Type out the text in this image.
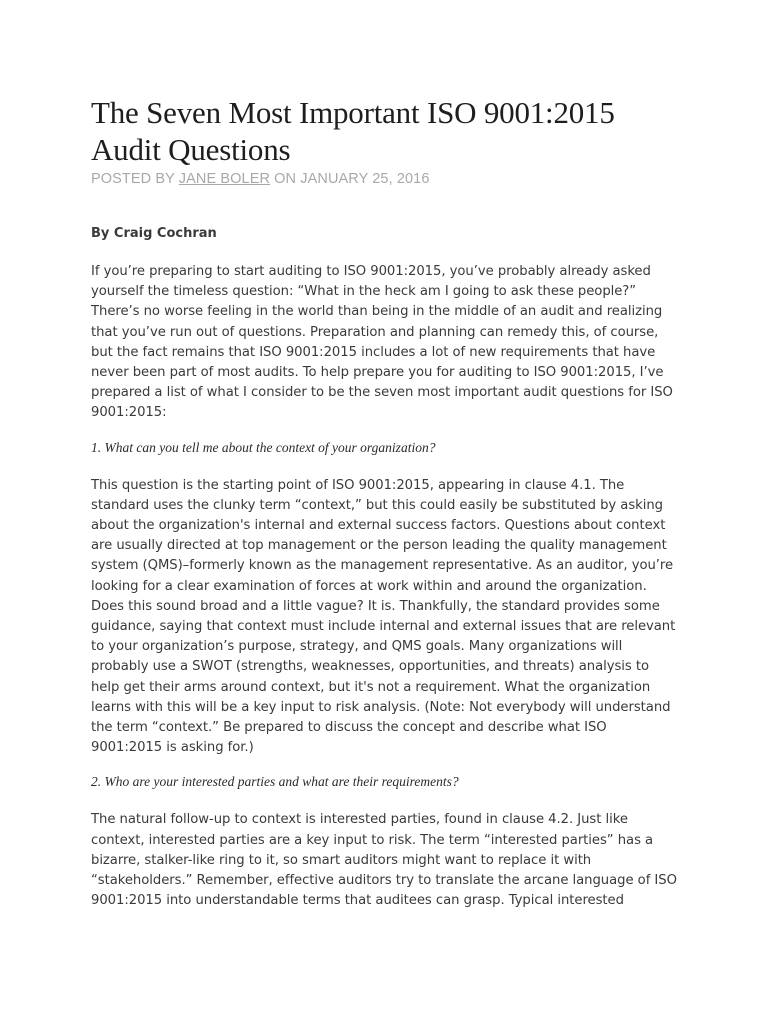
The Seven Most Important ISO 9001:2015 Audit Questions
POSTED BY JANE BOLER ON JANUARY 25, 2016
By Craig Cochran

If you’re preparing to start auditing to ISO 9001:2015, you’ve probably already asked yourself the timeless question: “What in the heck am I going to ask these people?” There’s no worse feeling in the world than being in the middle of an audit and realizing that you’ve run out of questions. Preparation and planning can remedy this, of course, but the fact remains that ISO 9001:2015 includes a lot of new requirements that have never been part of most audits. To help prepare you for auditing to ISO 9001:2015, I’ve prepared a list of what I consider to be the seven most important audit questions for ISO 9001:2015:

1. What can you tell me about the context of your organization?

This question is the starting point of ISO 9001:2015, appearing in clause 4.1. The standard uses the clunky term “context,” but this could easily be substituted by asking about the organization's internal and external success factors. Questions about context are usually directed at top management or the person leading the quality management system (QMS)–formerly known as the management representative. As an auditor, you’re looking for a clear examination of forces at work within and around the organization. Does this sound broad and a little vague? It is. Thankfully, the standard provides some guidance, saying that context must include internal and external issues that are relevant to your organization’s purpose, strategy, and QMS goals. Many organizations will probably use a SWOT (strengths, weaknesses, opportunities, and threats) analysis to help get their arms around context, but it's not a requirement. What the organization learns with this will be a key input to risk analysis. (Note: Not everybody will understand the term “context.” Be prepared to discuss the concept and describe what ISO 9001:2015 is asking for.)

2. Who are your interested parties and what are their requirements?

The natural follow-up to context is interested parties, found in clause 4.2. Just like context, interested parties are a key input to risk. The term “interested parties” has a bizarre, stalker-like ring to it, so smart auditors might want to replace it with “stakeholders.” Remember, effective auditors try to translate the arcane language of ISO 9001:2015 into understandable terms that auditees can grasp. Typical interested
